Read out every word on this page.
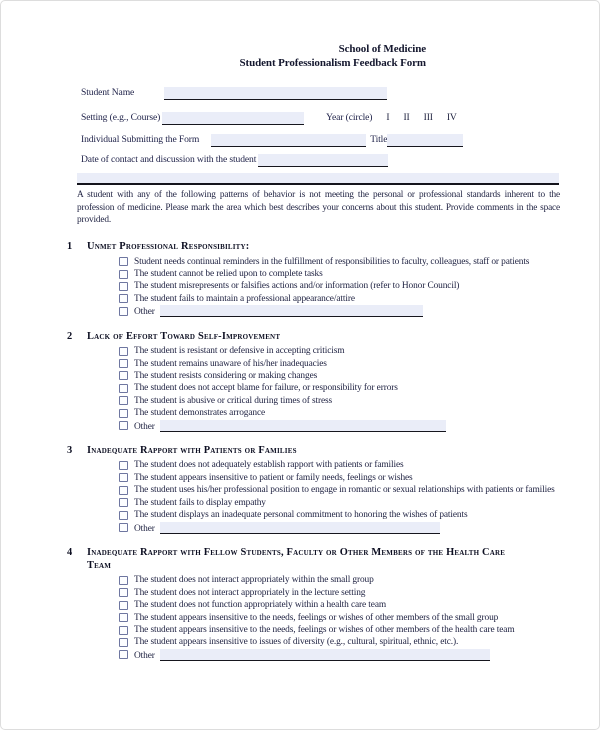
School of Medicine
Student Professionalism Feedback Form
Student Name
Setting (e.g., Course)	Year (circle) I II III IV
Individual Submitting the Form	Title
Date of contact and discussion with the student

A student with any of the following patterns of behavior is not meeting the personal or professional standards inherent to the profession of medicine. Please mark the area which best describes your concerns about this student. Provide comments in the space provided.

1	Unmet Professional Responsibility:
Student needs continual reminders in the fulfillment of responsibilities to faculty, colleagues, staff or patients
The student cannot be relied upon to complete tasks
The student misrepresents or falsifies actions and/or information (refer to Honor Council)
The student fails to maintain a professional appearance/attire
Other
2	Lack of Effort Toward Self-Improvement
The student is resistant or defensive in accepting criticism
The student remains unaware of his/her inadequacies
The student resists considering or making changes
The student does not accept blame for failure, or responsibility for errors
The student is abusive or critical during times of stress
The student demonstrates arrogance
Other
3	Inadequate Rapport with Patients or Families
The student does not adequately establish rapport with patients or families
The student appears insensitive to patient or family needs, feelings or wishes
The student uses his/her professional position to engage in romantic or sexual relationships with patients or families
The student fails to display empathy
The student displays an inadequate personal commitment to honoring the wishes of patients
Other
4	Inadequate Rapport with Fellow Students, Faculty or Other Members of the Health Care Team
The student does not interact appropriately within the small group
The student does not interact appropriately in the lecture setting
The student does not function appropriately within a health care team
The student appears insensitive to the needs, feelings or wishes of other members of the small group
The student appears insensitive to the needs, feelings or wishes of other members of the health care team
The student appears insensitive to issues of diversity (e.g., cultural, spiritual, ethnic, etc.).
Other
